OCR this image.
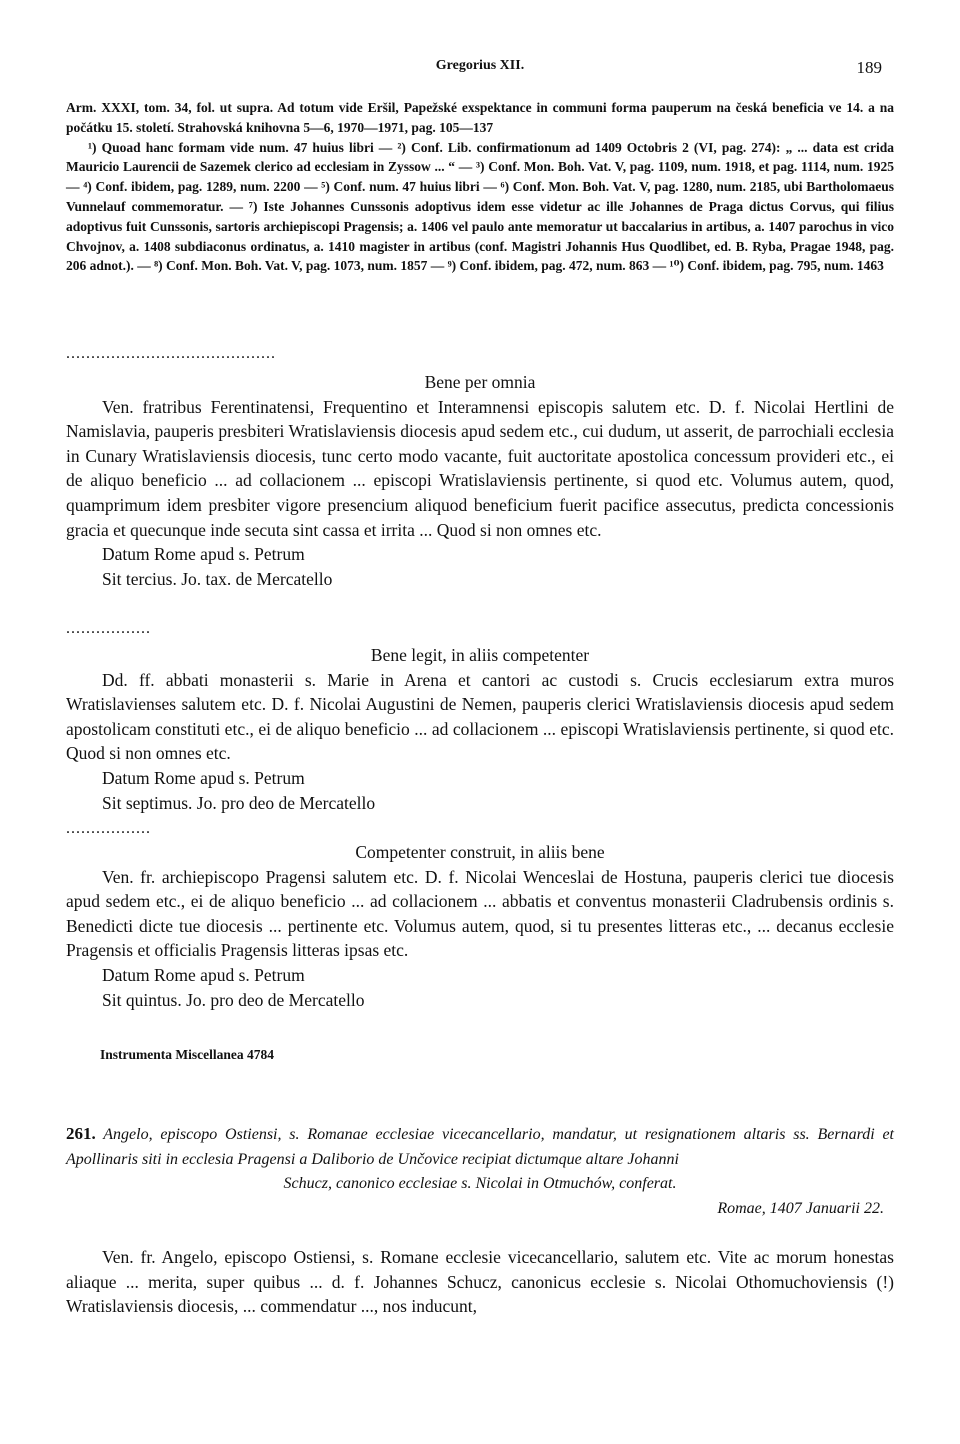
Gregorius XII.	189

Arm. XXXI, tom. 34, fol. ut supra. Ad totum vide Eršil, Papežské exspektance in communi forma pauperum na česká beneficia ve 14. a na počátku 15. století. Strahovská knihovna 5—6, 1970—1971, pag. 105—137

¹) Quoad hanc formam vide num. 47 huius libri — ²) Conf. Lib. confirmationum ad 1409 Octobris 2 (VI, pag. 274): „ ... data est crida Mauricio Laurencii de Sazemek clerico ad ecclesiam in Zyssow ... “ — ³) Conf. Mon. Boh. Vat. V, pag. 1109, num. 1918, et pag. 1114, num. 1925 — ⁴) Conf. ibidem, pag. 1289, num. 2200 — ⁵) Conf. num. 47 huius libri — ⁶) Conf. Mon. Boh. Vat. V, pag. 1280, num. 2185, ubi Bartholomaeus Vunnelauf commemoratur. — ⁷) Iste Johannes Cunssonis adoptivus idem esse videtur ac ille Johannes de Praga dictus Corvus, qui filius adoptivus fuit Cunssonis, sartoris archiepiscopi Pragensis; a. 1406 vel paulo ante memoratur ut baccalarius in artibus, a. 1407 parochus in vico Chvojnov, a. 1408 subdiaconus ordinatus, a. 1410 magister in artibus (conf. Magistri Johannis Hus Quodlibet, ed. B. Ryba, Pragae 1948, pag. 206 adnot.). — ⁸) Conf. Mon. Boh. Vat. V, pag. 1073, num. 1857 — ⁹) Conf. ibidem, pag. 472, num. 863 — ¹⁰) Conf. ibidem, pag. 795, num. 1463

..........................................

Bene per omnia

Ven. fratribus Ferentinatensi, Frequentino et Interamnensi episcopis salutem etc. D. f. Nicolai Hertlini de Namislavia, pauperis presbiteri Wratislaviensis diocesis apud sedem etc., cui dudum, ut asserit, de parrochiali ecclesia in Cunary Wratislaviensis diocesis, tunc certo modo vacante, fuit auctoritate apostolica concessum provideri etc., ei de aliquo beneficio ... ad collacionem ... episcopi Wratislaviensis pertinente, si quod etc. Volumus autem, quod, quamprimum idem presbiter vigore presencium aliquod beneficium fuerit pacifice assecutus, predicta concessionis gracia et quecunque inde secuta sint cassa et irrita ... Quod si non omnes etc.

Datum Rome apud s. Petrum

Sit tercius. Jo. tax. de Mercatello

.................

Bene legit, in aliis competenter

Dd. ff. abbati monasterii s. Marie in Arena et cantori ac custodi s. Crucis ecclesiarum extra muros Wratislavienses salutem etc. D. f. Nicolai Augustini de Nemen, pauperis clerici Wratislaviensis diocesis apud sedem apostolicam constituti etc., ei de aliquo beneficio ... ad collacionem ... episcopi Wratislaviensis pertinente, si quod etc. Quod si non omnes etc.

Datum Rome apud s. Petrum

Sit septimus. Jo. pro deo de Mercatello

.................

Competenter construit, in aliis bene

Ven. fr. archiepiscopo Pragensi salutem etc. D. f. Nicolai Wenceslai de Hostuna, pauperis clerici tue diocesis apud sedem etc., ei de aliquo beneficio ... ad collacionem ... abbatis et conventus monasterii Cladrubensis ordinis s. Benedicti dicte tue diocesis ... pertinente etc. Volumus autem, quod, si tu presentes litteras etc., ... decanus ecclesie Pragensis et officialis Pragensis litteras ipsas etc.

Datum Rome apud s. Petrum

Sit quintus. Jo. pro deo de Mercatello

Instrumenta Miscellanea 4784

261. Angelo, episcopo Ostiensi, s. Romanae ecclesiae vicecancellario, mandatur, ut resignationem altaris ss. Bernardi et Apollinaris siti in ecclesia Pragensi a Daliborio de Unčovice recipiat dictumque altare Johanni

Schucz, canonico ecclesiae s. Nicolai in Otmuchów, conferat.

Romae, 1407 Januarii 22.

Ven. fr. Angelo, episcopo Ostiensi, s. Romane ecclesie vicecancellario, salutem etc. Vite ac morum honestas aliaque ... merita, super quibus ... d. f. Johannes Schucz, canonicus ecclesie s. Nicolai Othomuchoviensis (!) Wratislaviensis diocesis, ... commendatur ..., nos inducunt,
